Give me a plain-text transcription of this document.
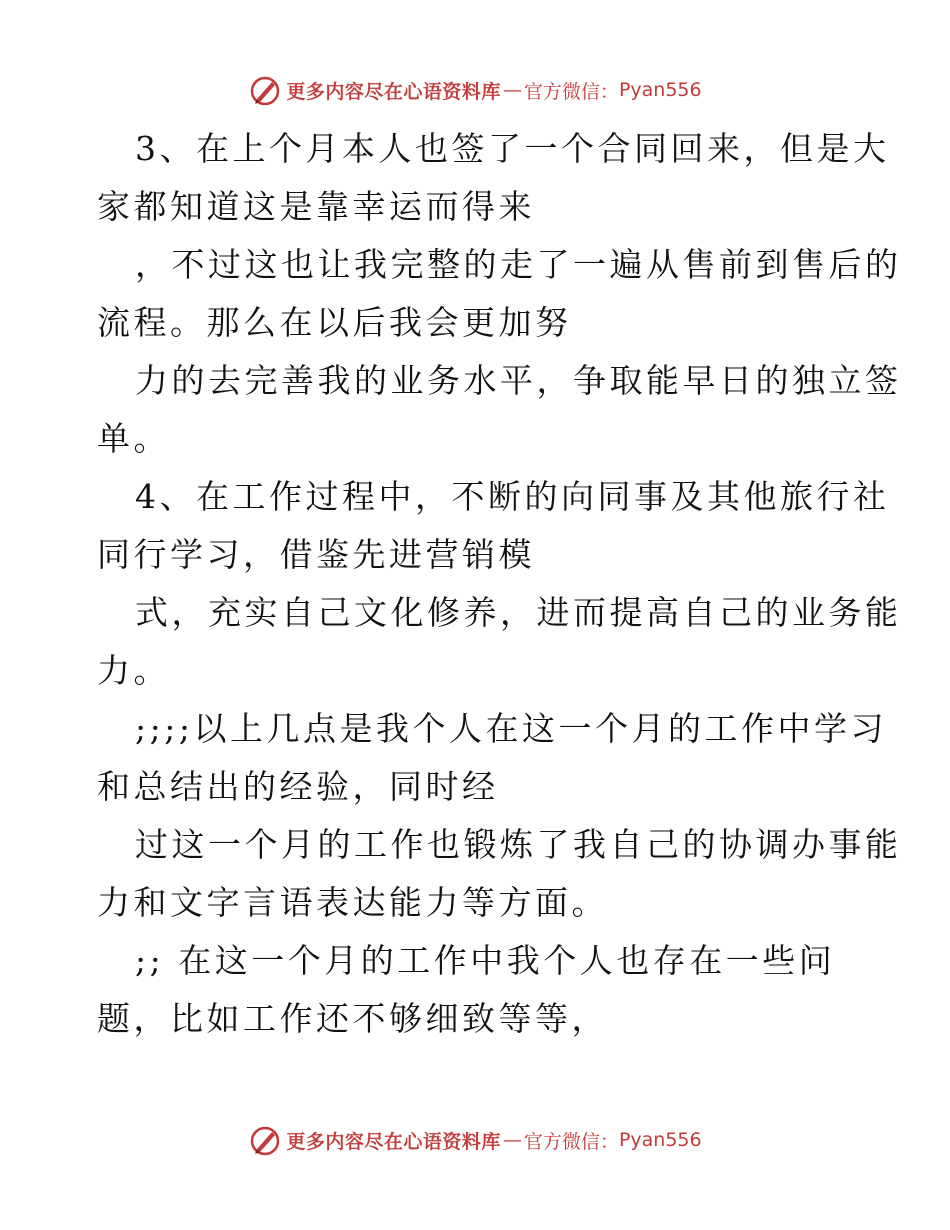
更多内容尽在心语资料库 — 官方微信： Pyan556
3、在上个月本人也签了一个合同回来，但是大
家都知道这是靠幸运而得来
，不过这也让我完整的走了一遍从售前到售后的
流程。那么在以后我会更加努
力的去完善我的业务水平，争取能早日的独立签
单。
4、在工作过程中，不断的向同事及其他旅行社
同行学习，借鉴先进营销模
式，充实自己文化修养，进而提高自己的业务能
力。
;;;;以上几点是我个人在这一个月的工作中学习
和总结出的经验，同时经
过这一个月的工作也锻炼了我自己的协调办事能
力和文字言语表达能力等方面。
;; 在这一个月的工作中我个人也存在一些问
题，比如工作还不够细致等等，
更多内容尽在心语资料库 — 官方微信： Pyan556
